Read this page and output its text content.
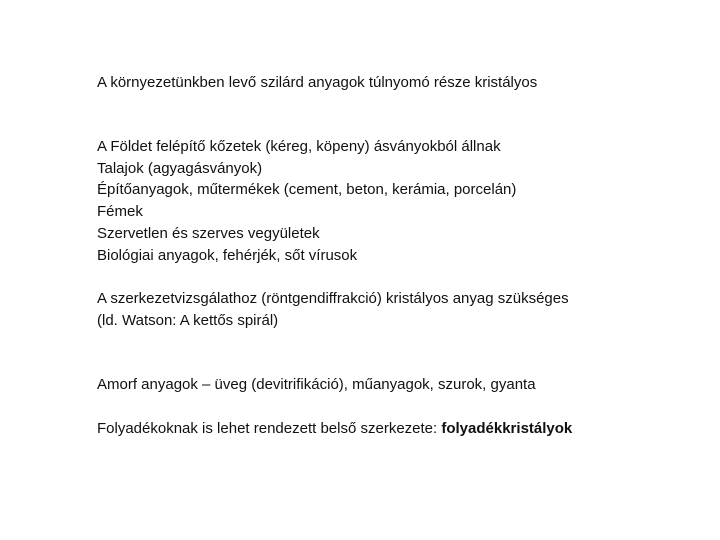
A környezetünkben levő szilárd anyagok túlnyomó része kristályos
A Földet felépítő kőzetek (kéreg, köpeny) ásványokból állnak
Talajok (agyagásványok)
Építőanyagok, műtermékek (cement, beton, kerámia, porcelán)
Fémek
Szervetlen és szerves vegyületek
Biológiai anyagok, fehérjék, sőt vírusok
A szerkezetvizsgálathoz (röntgendiffrakció) kristályos anyag szükséges
(ld. Watson: A kettős spirál)
Amorf anyagok – üveg (devitrifikáció), műanyagok, szurok, gyanta
Folyadékoknak is lehet rendezett belső szerkezete: folyadékkristályok
